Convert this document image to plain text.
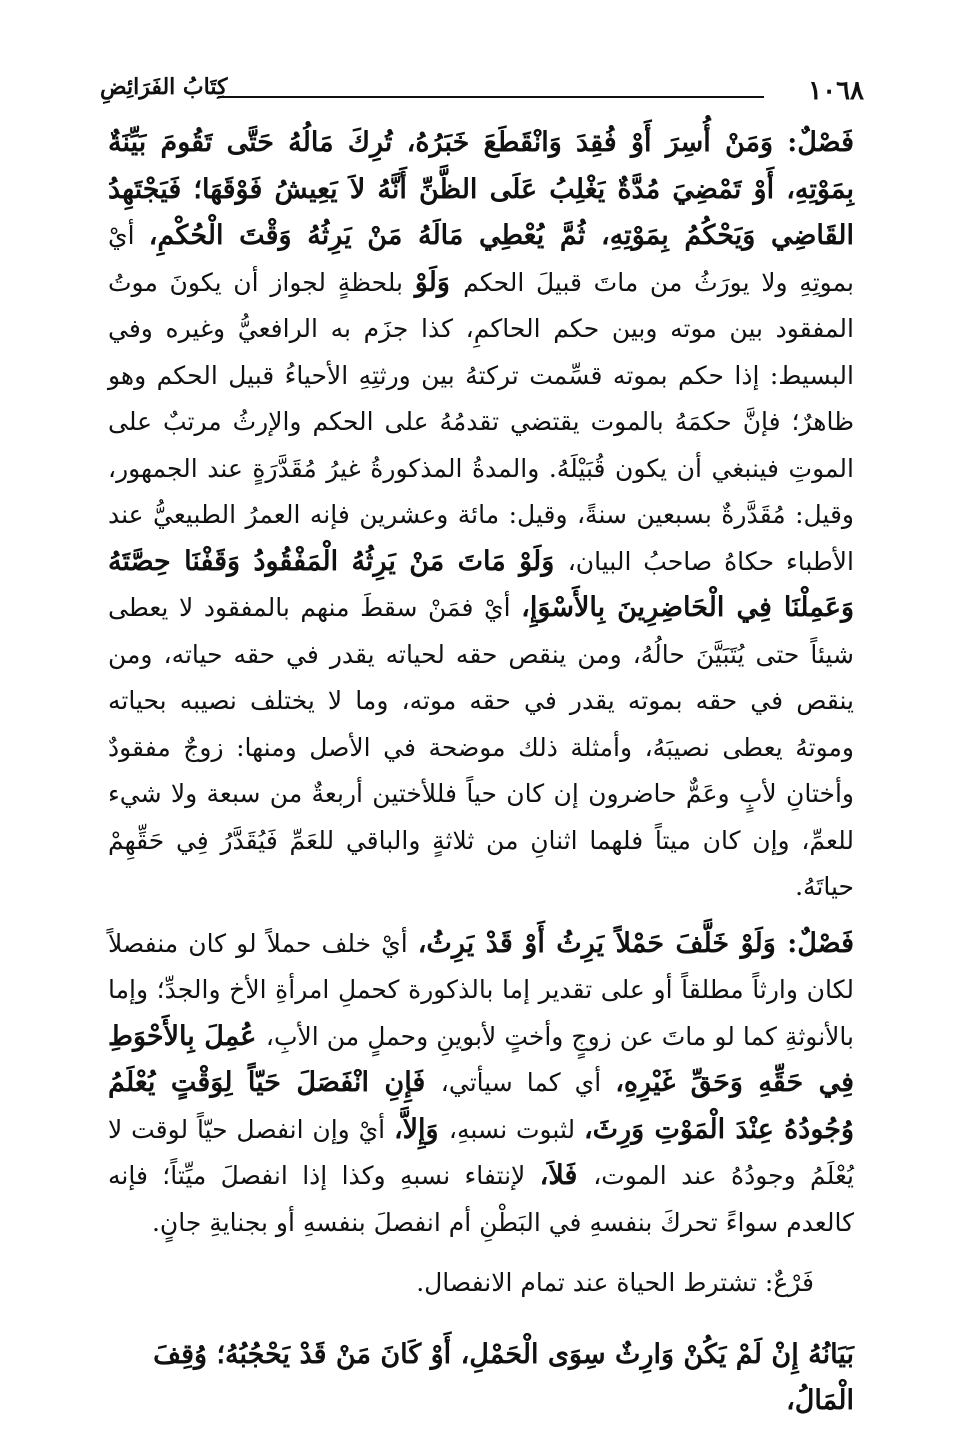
١٠٦٨
كِتَابُ الفَرَائِضِ

فَصْلٌ: وَمَنْ أُسِرَ أَوْ فُقِدَ وَانْقَطَعَ خَبَرُهُ، تُرِكَ مَالُهُ حَتَّى تَقُومَ بَيِّنَةٌ بِمَوْتِهِ، أَوْ تَمْضِيَ مُدَّةٌ يَغْلِبُ عَلَى الظَّنِّ أَنَّهُ لاَ يَعِيشُ فَوْقَهَا؛ فَيَجْتَهِدُ القَاضِي وَيَحْكُمُ بِمَوْتِهِ، ثُمَّ يُعْطِي مَالَهُ مَنْ يَرِثُهُ وَقْتَ الْحُكْمِ، أيْ بموتِهِ ولا يورَثُ من ماتَ قبيلَ الحكم وَلَوْ بلحظةٍ لجواز أن يكونَ موتُ المفقود بين موته وبين حكم الحاكمِ، كذا جزَم به الرافعيُّ وغيره وفي البسيط: إذا حكم بموته قسِّمت تركتهُ بين ورثتِهِ الأحياءُ قبيل الحكم وهو ظاهرٌ؛ فإنَّ حكمَهُ بالموت يقتضي تقدمُهُ على الحكم والإرثُ مرتبٌ على الموتِ فينبغي أن يكون قُبَيْلَهُ. والمدةُ المذكورةُ غيرُ مُقَدَّرَةٍ عند الجمهور، وقيل: مُقَدَّرةٌ بسبعين سنةً، وقيل: مائة وعشرين فإنه العمرُ الطبيعيُّ عند الأطباء حكاهُ صاحبُ البيان، وَلَوْ مَاتَ مَنْ يَرِثُهُ الْمَفْقُودُ وَقَفْنَا حِصَّتَهُ وَعَمِلْنَا فِي الْحَاضِرِينَ بِالأَسْوَإِ، أيْ فمَنْ سقطَ منهم بالمفقود لا يعطى شيئاً حتى يُتَبَيَّنَ حالُهُ، ومن ينقص حقه لحياته يقدر في حقه حياته، ومن ينقص في حقه بموته يقدر في حقه موته، وما لا يختلف نصيبه بحياته وموتهُ يعطى نصيبَهُ، وأمثلة ذلك موضحة في الأصل ومنها: زوجٌ مفقودٌ وأختانِ لأبٍ وعَمٌّ حاضرون إن كان حياً فللأختين أربعةٌ من سبعة ولا شيء للعمِّ، وإن كان ميتاً فلهما اثنانِ من ثلاثةٍ والباقي للعَمِّ فَيُقَدَّرُ فِي حَقِّهِمْ حياتَهُ.

فَصْلٌ: وَلَوْ خَلَّفَ حَمْلاً يَرِثُ أَوْ قَدْ يَرِثُ، أيْ خلف حملاً لو كان منفصلاً لكان وارثاً مطلقاً أو على تقدير إما بالذكورة كحملِ امرأةِ الأخ والجدِّ؛ وإما بالأنوثةِ كما لو ماتَ عن زوجٍ وأختٍ لأبوينِ وحملٍ من الأبِ، عُمِلَ بِالأَحْوَطِ فِي حَقِّهِ وَحَقِّ غَيْرِهِ، أي كما سيأتي، فَإِنِ انْفَصَلَ حَيّاً لِوَقْتٍ يُعْلَمُ وُجُودُهُ عِنْدَ الْمَوْتِ وَرِثَ، لثبوت نسبهِ، وَإِلاَّ، أيْ وإن انفصل حيّاً لوقت لا يُعْلَمُ وجودُهُ عند الموت، فَلاَ، لإنتفاء نسبهِ وكذا إذا انفصلَ ميِّتاً؛ فإنه كالعدم سواءً تحركَ بنفسهِ في البَطْنِ أم انفصلَ بنفسهِ أو بجنايةِ جانٍ.

فَرْعٌ: تشترط الحياة عند تمام الانفصال.

بَيَانُهُ إِنْ لَمْ يَكُنْ وَارِثٌ سِوَى الْحَمْلِ، أَوْ كَانَ مَنْ قَدْ يَحْجُبُهُ؛ وُقِفَ الْمَالُ،
